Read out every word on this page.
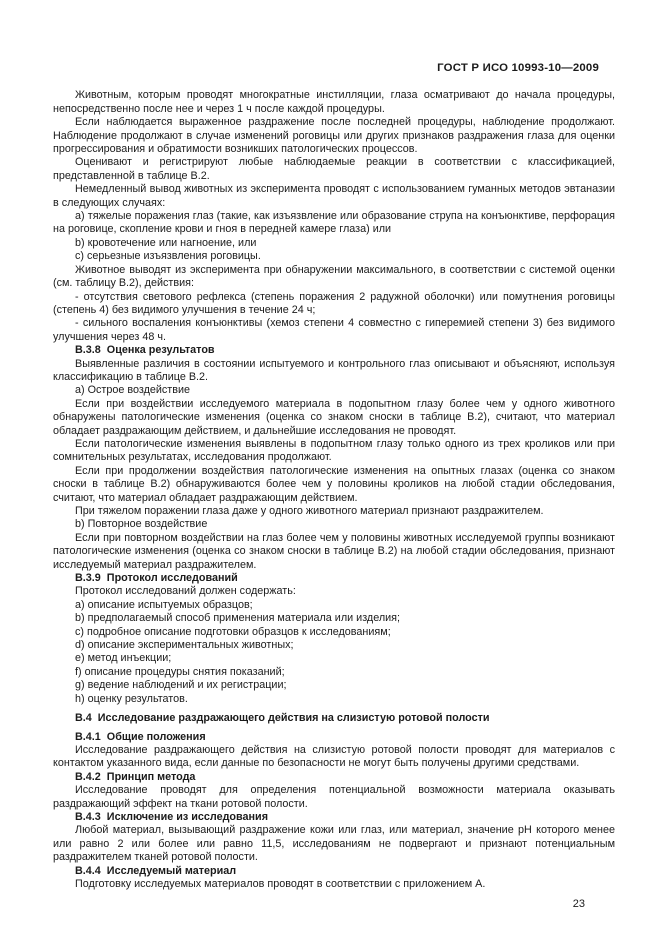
ГОСТ Р ИСО 10993-10—2009

Животным, которым проводят многократные инстилляции, глаза осматривают до начала процедуры, непосредственно после нее и через 1 ч после каждой процедуры.

Если наблюдается выраженное раздражение после последней процедуры, наблюдение продолжают. Наблюдение продолжают в случае изменений роговицы или других признаков раздражения глаза для оценки прогрессирования и обратимости возникших патологических процессов.

Оценивают и регистрируют любые наблюдаемые реакции в соответствии с классификацией, представленной в таблице В.2.

Немедленный вывод животных из эксперимента проводят с использованием гуманных методов эвтаназии в следующих случаях:

a) тяжелые поражения глаз (такие, как изъязвление или образование струпа на конъюнктиве, перфорация на роговице, скопление крови и гноя в передней камере глаза) или

b) кровотечение или нагноение, или

c) серьезные изъязвления роговицы.

Животное выводят из эксперимента при обнаружении максимального, в соответствии с системой оценки (см. таблицу В.2), действия:

- отсутствия светового рефлекса (степень поражения 2 радужной оболочки) или помутнения роговицы (степень 4) без видимого улучшения в течение 24 ч;

- сильного воспаления конъюнктивы (хемоз степени 4 совместно с гиперемией степени 3) без видимого улучшения через 48 ч.

В.3.8  Оценка результатов

Выявленные различия в состоянии испытуемого и контрольного глаз описывают и объясняют, используя классификацию в таблице В.2.

a) Острое воздействие

Если при воздействии исследуемого материала в подопытном глазу более чем у одного животного обнаружены патологические изменения (оценка со знаком сноски в таблице В.2), считают, что материал обладает раздражающим действием, и дальнейшие исследования не проводят.

Если патологические изменения выявлены в подопытном глазу только одного из трех кроликов или при сомнительных результатах, исследования продолжают.

Если при продолжении воздействия патологические изменения на опытных глазах (оценка со знаком сноски в таблице В.2) обнаруживаются более чем у половины кроликов на любой стадии обследования, считают, что материал обладает раздражающим действием.

При тяжелом поражении глаза даже у одного животного материал признают раздражителем.

b) Повторное воздействие

Если при повторном воздействии на глаз более чем у половины животных исследуемой группы возникают патологические изменения (оценка со знаком сноски в таблице В.2) на любой стадии обследования, признают исследуемый материал раздражителем.

В.3.9  Протокол исследований

Протокол исследований должен содержать:

a) описание испытуемых образцов;

b) предполагаемый способ применения материала или изделия;

c) подробное описание подготовки образцов к исследованиям;

d) описание экспериментальных животных;

e) метод инъекции;

f) описание процедуры снятия показаний;

g) ведение наблюдений и их регистрации;

h) оценку результатов.

В.4  Исследование раздражающего действия на слизистую ротовой полости

В.4.1  Общие положения

Исследование раздражающего действия на слизистую ротовой полости проводят для материалов с контактом указанного вида, если данные по безопасности не могут быть получены другими средствами.

В.4.2  Принцип метода

Исследование проводят для определения потенциальной возможности материала оказывать раздражающий эффект на ткани ротовой полости.

В.4.3  Исключение из исследования

Любой материал, вызывающий раздражение кожи или глаз, или материал, значение рН которого менее или равно 2 или более или равно 11,5, исследованиям не подвергают и признают потенциальным раздражителем тканей ротовой полости.

В.4.4  Исследуемый материал

Подготовку исследуемых материалов проводят в соответствии с приложением А.

23
